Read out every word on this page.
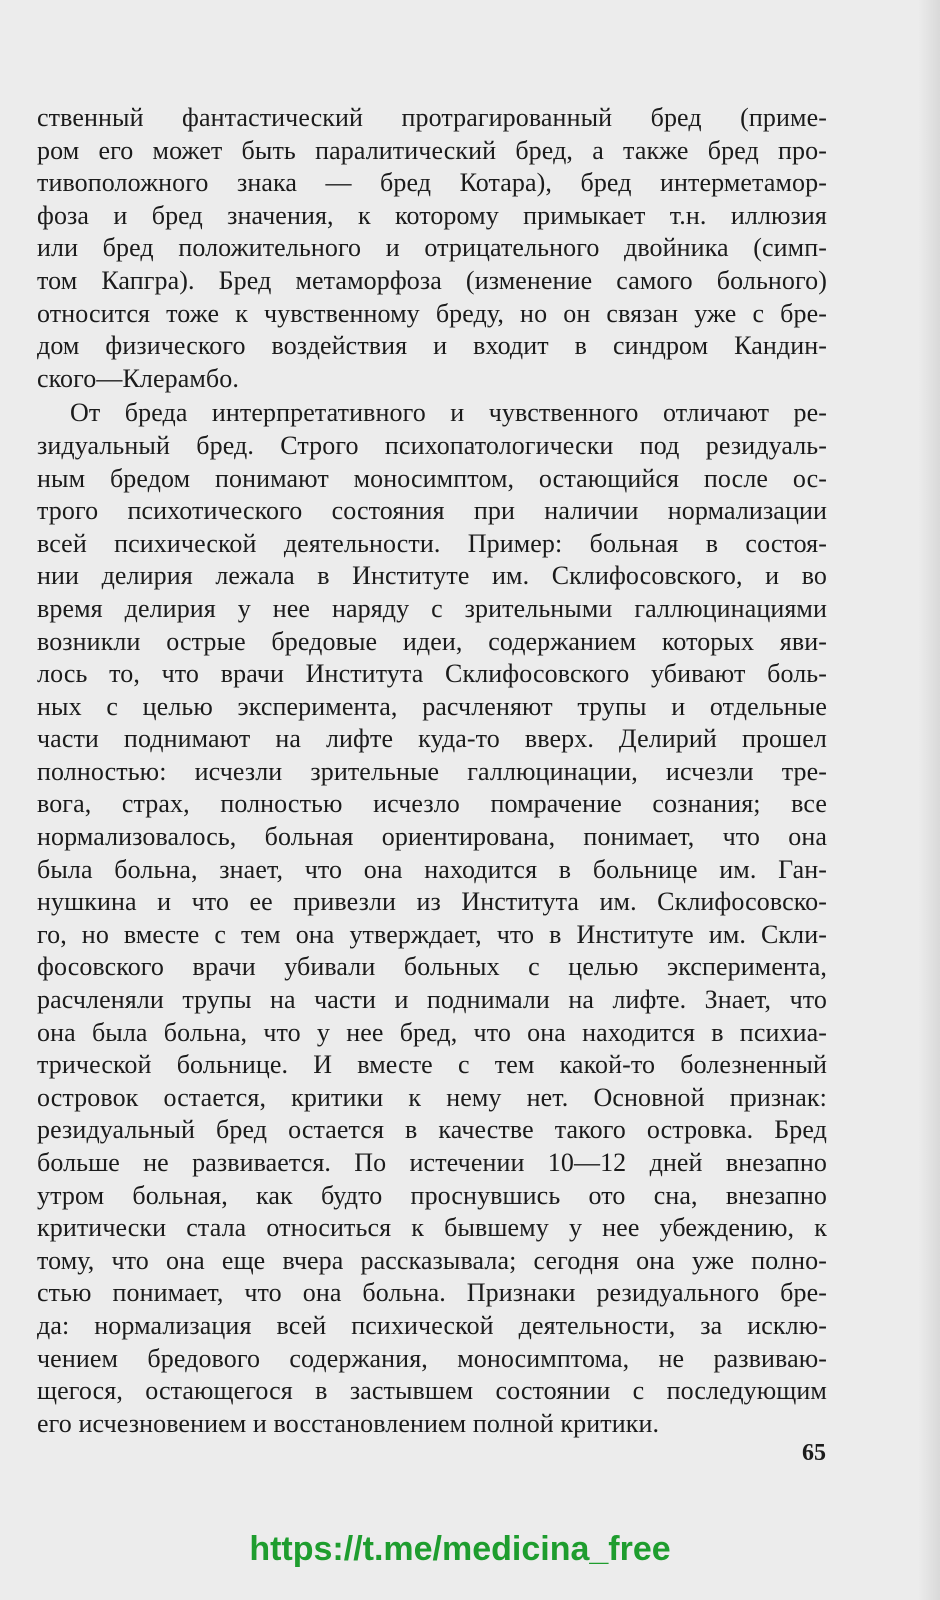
ственный фантастический протрагированный бред (приме-
ром его может быть паралитический бред, а также бред про-
тивоположного знака — бред Котара), бред интерметамор-
фоза и бред значения, к которому примыкает т.н. иллюзия
или бред положительного и отрицательного двойника (симп-
том Капгра). Бред метаморфоза (изменение самого больного)
относится тоже к чувственному бреду, но он связан уже с бре-
дом физического воздействия и входит в синдром Кандин-
ского—Клерамбо.
От бреда интерпретативного и чувственного отличают ре-
зидуальный бред. Строго психопатологически под резидуаль-
ным бредом понимают моносимптом, остающийся после ос-
трого психотического состояния при наличии нормализации
всей психической деятельности. Пример: больная в состоя-
нии делирия лежала в Институте им. Склифосовского, и во
время делирия у нее наряду с зрительными галлюцинациями
возникли острые бредовые идеи, содержанием которых яви-
лось то, что врачи Института Склифосовского убивают боль-
ных с целью эксперимента, расчленяют трупы и отдельные
части поднимают на лифте куда-то вверх. Делирий прошел
полностью: исчезли зрительные галлюцинации, исчезли тре-
вога, страх, полностью исчезло помрачение сознания; все
нормализовалось, больная ориентирована, понимает, что она
была больна, знает, что она находится в больнице им. Ган-
нушкина и что ее привезли из Института им. Склифосовско-
го, но вместе с тем она утверждает, что в Институте им. Скли-
фосовского врачи убивали больных с целью эксперимента,
расчленяли трупы на части и поднимали на лифте. Знает, что
она была больна, что у нее бред, что она находится в психиа-
трической больнице. И вместе с тем какой-то болезненный
островок остается, критики к нему нет. Основной признак:
резидуальный бред остается в качестве такого островка. Бред
больше не развивается. По истечении 10—12 дней внезапно
утром больная, как будто проснувшись ото сна, внезапно
критически стала относиться к бывшему у нее убеждению, к
тому, что она еще вчера рассказывала; сегодня она уже полно-
стью понимает, что она больна. Признаки резидуального бре-
да: нормализация всей психической деятельности, за исклю-
чением бредового содержания, моносимптома, не развиваю-
щегося, остающегося в застывшем состоянии с последующим
его исчезновением и восстановлением полной критики.
65
https://t.me/medicina_free
